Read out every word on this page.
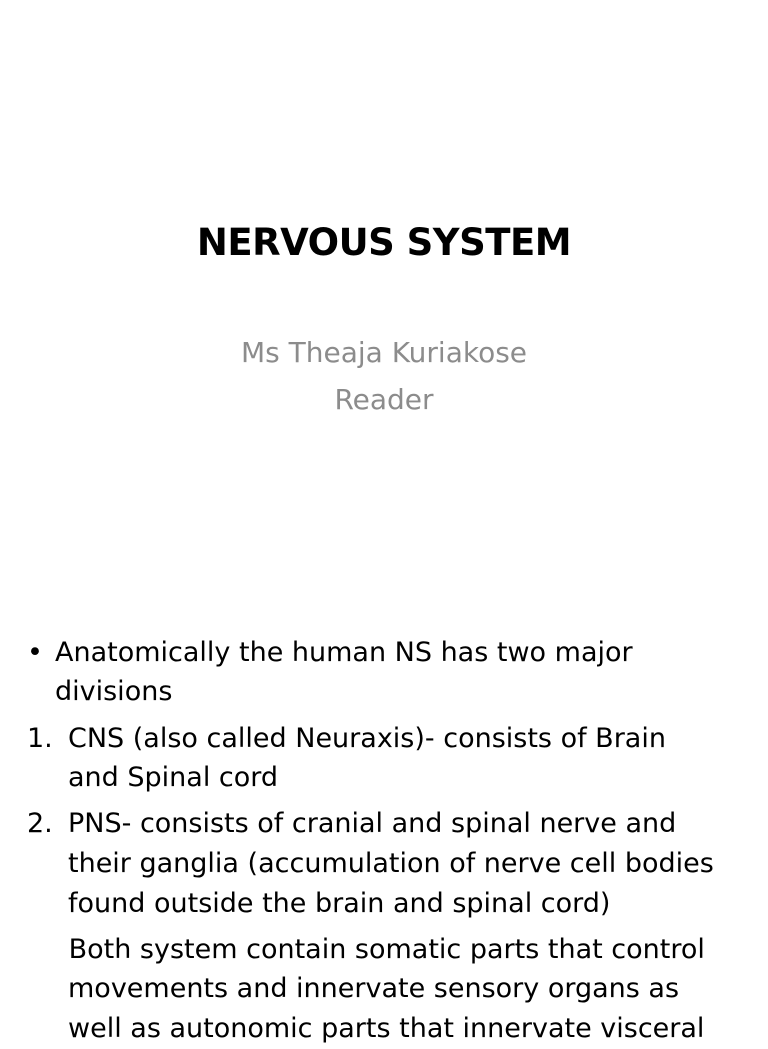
NERVOUS SYSTEM
Ms Theaja Kuriakose
Reader
• Anatomically the human NS has two major
divisions
1. CNS (also called Neuraxis)- consists of Brain
and Spinal cord
2. PNS- consists of cranial and spinal nerve and
their ganglia (accumulation of nerve cell bodies
found outside the brain and spinal cord)
Both system contain somatic parts that control
movements and innervate sensory organs as
well as autonomic parts that innervate visceral
